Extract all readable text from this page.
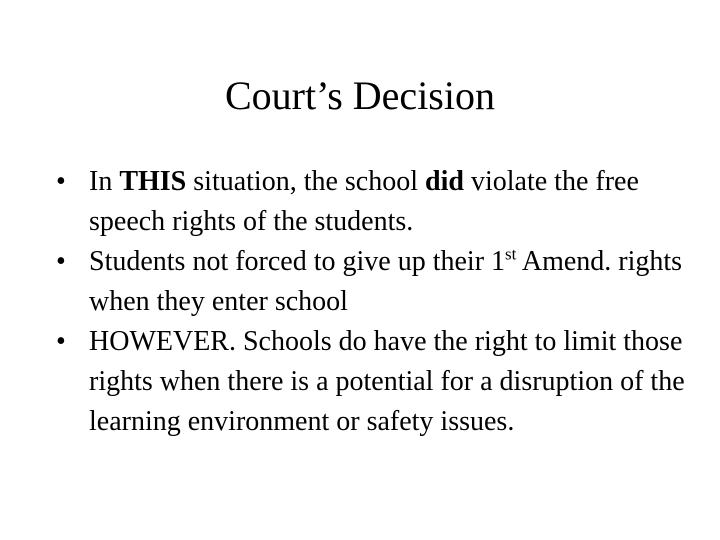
Court’s Decision
• In THIS situation, the school did violate the free speech rights of the students.
• Students not forced to give up their 1st Amend. rights when they enter school
• HOWEVER. Schools do have the right to limit those rights when there is a potential for a disruption of the learning environment or safety issues.
